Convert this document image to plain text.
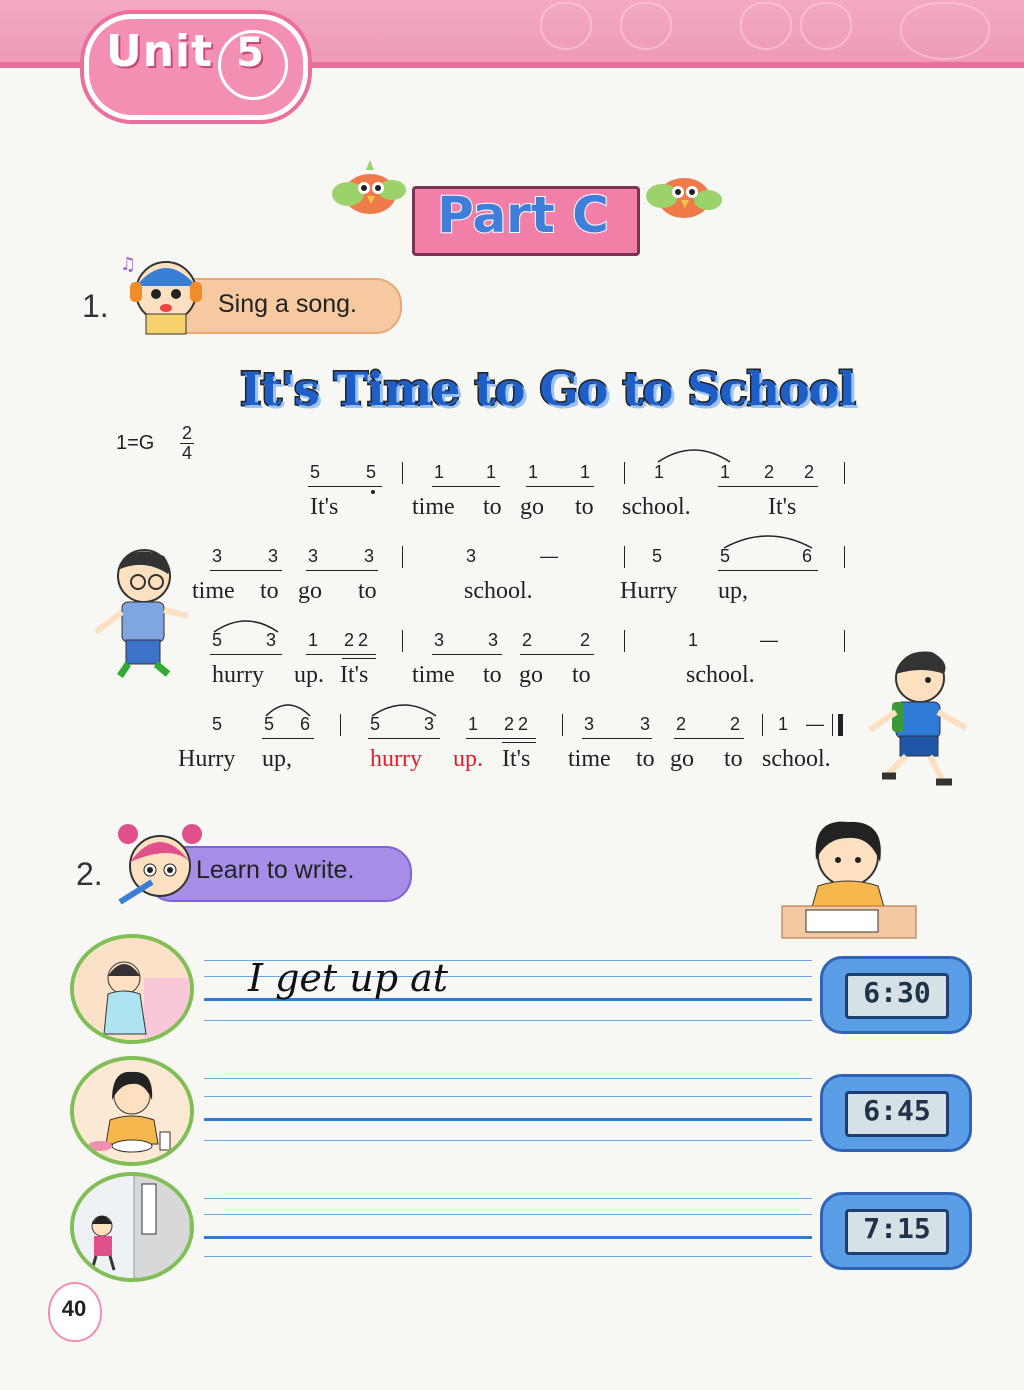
Unit 5
Part C
1.
♫
Sing a song.
It's Time to Go to School
1=G 2
4
5	5	1 1 1 1	1	1 2 2
It's	time to go to school.	It's
3	3 3	3	3	—	5	5	6
time to go to	school.	Hurry up,
5 3 1 2 2	3 3 2	2	1	—
hurry up. It's time to go to	school.
5 5 6	5 3 1 2 2	3	3 2 2 1 —
Hurry up,	hurry up. It's time to go to school.
2.	Learn to write.
I get up at	6:30
6:45
7:15
40
